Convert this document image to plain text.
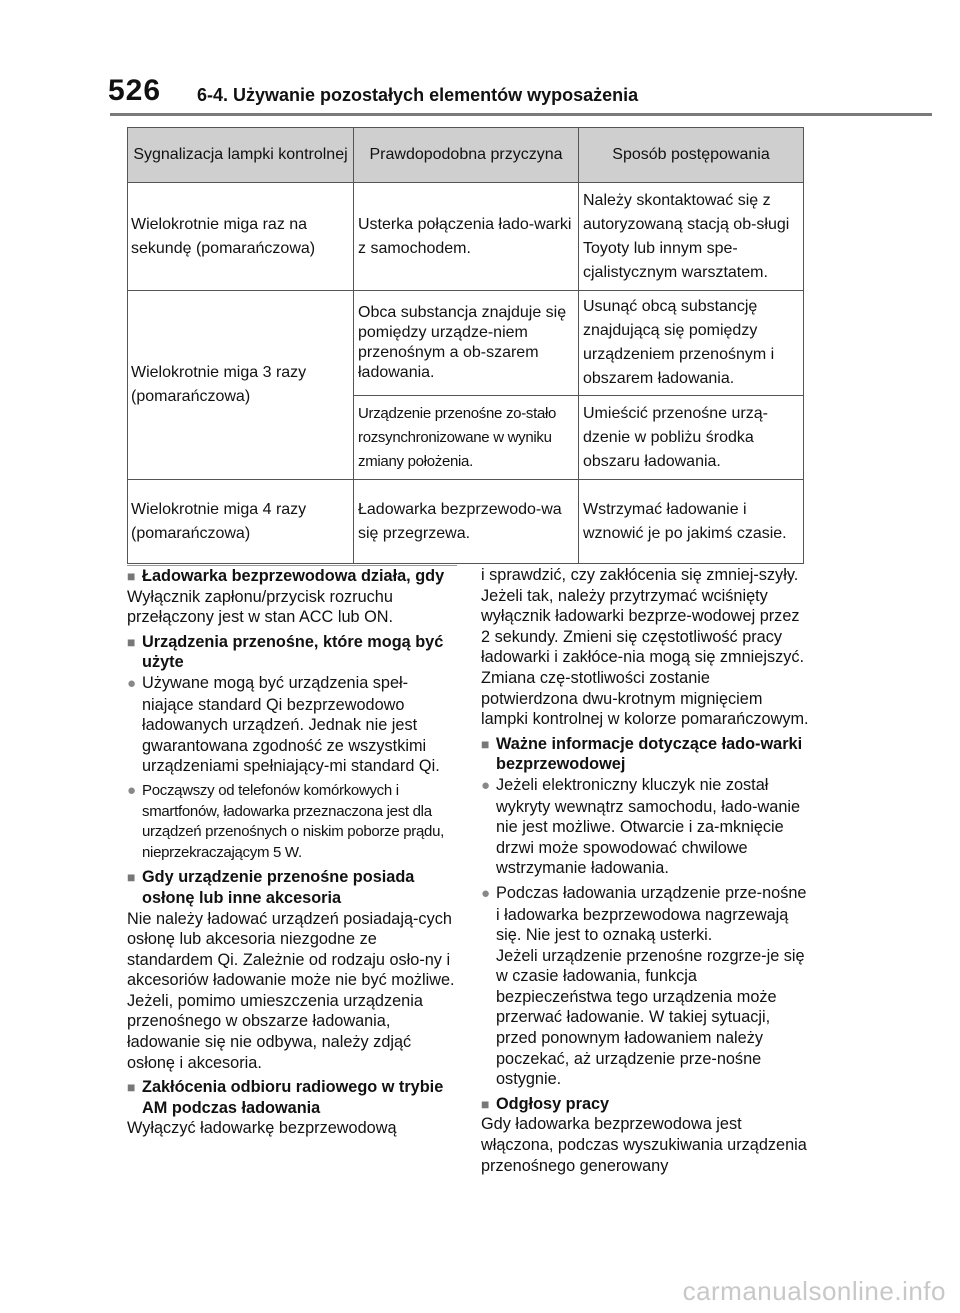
526 6-4. Używanie pozostałych elementów wyposażenia
Sygnalizacja lampki kontrolnej	Prawdopodobna przyczyna	Sposób postępowania
Wielokrotnie miga raz na sekundę (pomarańczowa)	Usterka połączenia łado-warki z samochodem.	Należy skontaktować się z autoryzowaną stacją ob-sługi Toyoty lub innym spe-cjalistycznym warsztatem.
Wielokrotnie miga 3 razy (pomarańczowa)	Obca substancja znajduje się pomiędzy urządze-niem przenośnym a ob-szarem ładowania.	Usunąć obcą substancję znajdującą się pomiędzy urządzeniem przenośnym i obszarem ładowania.
	Urządzenie przenośne zo-stało rozsynchronizowane w wyniku zmiany położenia.	Umieścić przenośne urzą-dzenie w pobliżu środka obszaru ładowania.
Wielokrotnie miga 4 razy (pomarańczowa)	Ładowarka bezprzewodo-wa się przegrzewa.	Wstrzymać ładowanie i wznowić je po jakimś czasie.

■ Ładowarka bezprzewodowa działa, gdy

Wyłącznik zapłonu/przycisk rozruchu przełączony jest w stan ACC lub ON.

■ Urządzenia przenośne, które mogą być użyte

● Używane mogą być urządzenia speł-niające standard Qi bezprzewodowo ładowanych urządzeń. Jednak nie jest gwarantowana zgodność ze wszystkimi urządzeniami spełniający-mi standard Qi.

● Począwszy od telefonów komórkowych i smartfonów, ładowarka przeznaczona jest dla urządzeń przenośnych o niskim poborze prądu, nieprzekraczającym 5 W.

■ Gdy urządzenie przenośne posiada osłonę lub inne akcesoria

Nie należy ładować urządzeń posiadają-cych osłonę lub akcesoria niezgodne ze standardem Qi. Zależnie od rodzaju osło-ny i akcesoriów ładowanie może nie być możliwe. Jeżeli, pomimo umieszczenia urządzenia przenośnego w obszarze ładowania, ładowanie się nie odbywa, należy zdjąć osłonę i akcesoria.

■ Zakłócenia odbioru radiowego w trybie AM podczas ładowania

Wyłączyć ładowarkę bezprzewodową

i sprawdzić, czy zakłócenia się zmniej-szyły. Jeżeli tak, należy przytrzymać wciśnięty wyłącznik ładowarki bezprze-wodowej przez 2 sekundy. Zmieni się częstotliwość pracy ładowarki i zakłóce-nia mogą się zmniejszyć. Zmiana czę-stotliwości zostanie potwierdzona dwu-krotnym mignięciem lampki kontrolnej w kolorze pomarańczowym.

■ Ważne informacje dotyczące łado-warki bezprzewodowej

● Jeżeli elektroniczny kluczyk nie został wykryty wewnątrz samochodu, łado-wanie nie jest możliwe. Otwarcie i za-mknięcie drzwi może spowodować chwilowe wstrzymanie ładowania.

● Podczas ładowania urządzenie prze-nośne i ładowarka bezprzewodowa nagrzewają się. Nie jest to oznaką usterki.

Jeżeli urządzenie przenośne rozgrze-je się w czasie ładowania, funkcja bezpieczeństwa tego urządzenia może przerwać ładowanie. W takiej sytuacji, przed ponownym ładowaniem należy poczekać, aż urządzenie prze-nośne ostygnie.

■ Odgłosy pracy

Gdy ładowarka bezprzewodowa jest włączona, podczas wyszukiwania urządzenia przenośnego generowany

carmanualsonline.info
